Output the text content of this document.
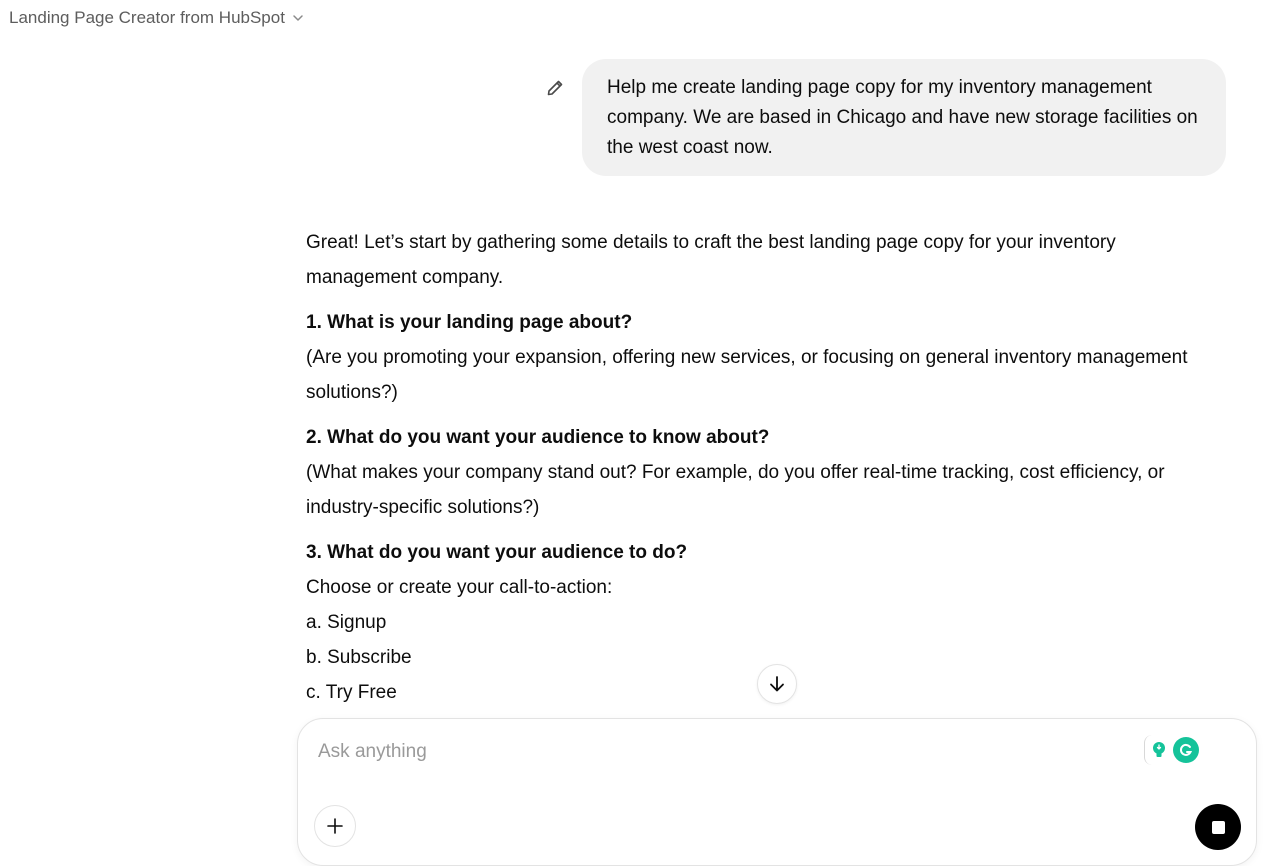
Landing Page Creator from HubSpot
Help me create landing page copy for my inventory management company. We are based in Chicago and have new storage facilities on the west coast now.

Great! Let’s start by gathering some details to craft the best landing page copy for your inventory management company.

1. What is your landing page about?

(Are you promoting your expansion, offering new services, or focusing on general inventory management solutions?)

2. What do you want your audience to know about?

(What makes your company stand out? For example, do you offer real-time tracking, cost efficiency, or industry-specific solutions?)

3. What do you want your audience to do?

Choose or create your call-to-action:

a. Signup

b. Subscribe

c. Try Free

Ask anything
